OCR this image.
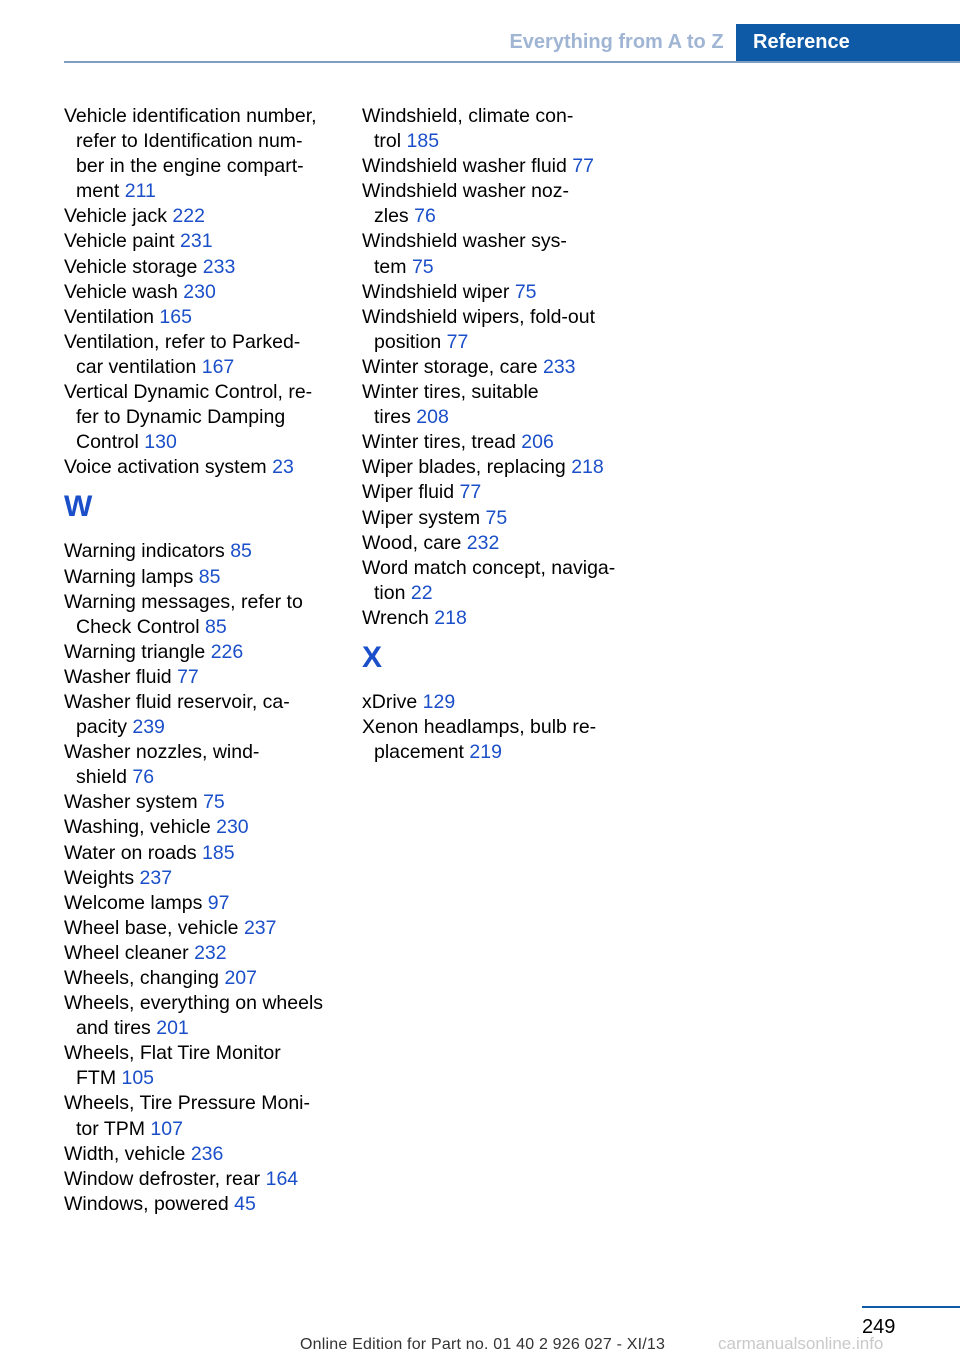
Everything from A to Z	Reference
Vehicle identification number,
refer to Identification num‐
ber in the engine compart‐
ment 211
Vehicle jack 222
Vehicle paint 231
Vehicle storage 233
Vehicle wash 230
Ventilation 165
Ventilation, refer to Parked-
car ventilation 167
Vertical Dynamic Control, re‐
fer to Dynamic Damping
Control 130
Voice activation system 23
W
Warning indicators 85
Warning lamps 85
Warning messages, refer to
Check Control 85
Warning triangle 226
Washer fluid 77
Washer fluid reservoir, ca‐
pacity 239
Washer nozzles, wind‐
shield 76
Washer system 75
Washing, vehicle 230
Water on roads 185
Weights 237
Welcome lamps 97
Wheel base, vehicle 237
Wheel cleaner 232
Wheels, changing 207
Wheels, everything on wheels
and tires 201
Wheels, Flat Tire Monitor
FTM 105
Wheels, Tire Pressure Moni‐
tor TPM 107
Width, vehicle 236
Window defroster, rear 164
Windows, powered 45
Windshield, climate con‐
trol 185
Windshield washer fluid 77
Windshield washer noz‐
zles 76
Windshield washer sys‐
tem 75
Windshield wiper 75
Windshield wipers, fold-out
position 77
Winter storage, care 233
Winter tires, suitable
tires 208
Winter tires, tread 206
Wiper blades, replacing 218
Wiper fluid 77
Wiper system 75
Wood, care 232
Word match concept, naviga‐
tion 22
Wrench 218
X
xDrive 129
Xenon headlamps, bulb re‐
placement 219
249
Online Edition for Part no. 01 40 2 926 027 - XI/13	carmanualsonline.info
